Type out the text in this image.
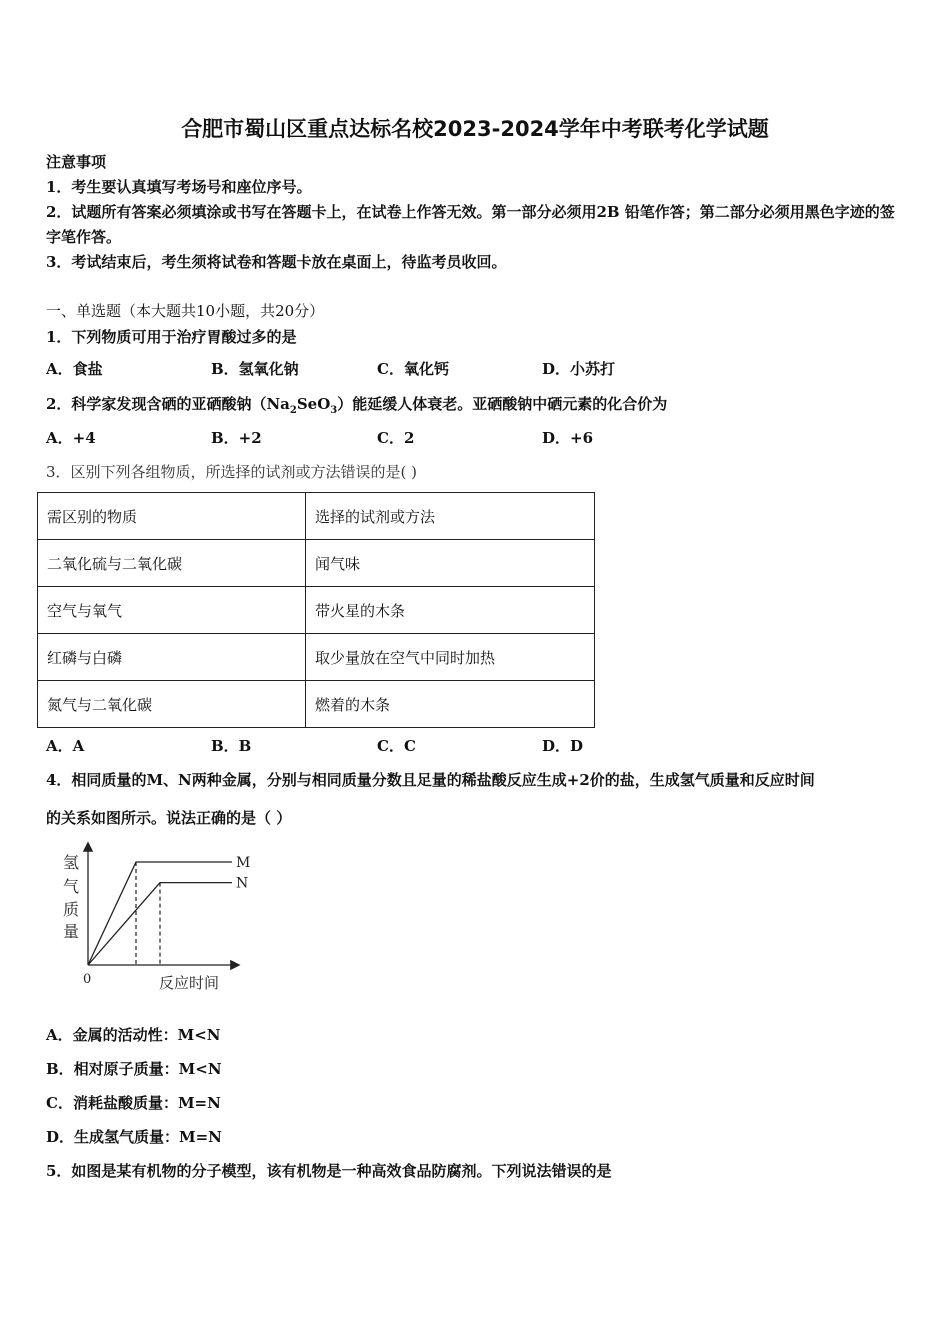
合肥市蜀山区重点达标名校2023-2024学年中考联考化学试题
注意事项
1．考生要认真填写考场号和座位序号。
2．试题所有答案必须填涂或书写在答题卡上，在试卷上作答无效。第一部分必须用2B 铅笔作答；第二部分必须用黑色字迹的签字笔作答。
3．考试结束后，考生须将试卷和答题卡放在桌面上，待监考员收回。
一、单选题（本大题共10小题，共20分）
1．下列物质可用于治疗胃酸过多的是
A．食盐	B．氢氧化钠	C．氧化钙	D．小苏打
2．科学家发现含硒的亚硒酸钠$(Na_2SeO_3)$能延缓人体衰老。亚硒酸钠中硒元素的化合价为
A．+4	B．+2	C．2	D．+6
3．区别下列各组物质，所选择的试剂或方法错误的是( )
需区别的物质	选择的试剂或方法
二氧化硫与二氧化碳	闻气味
空气与氧气	带火星的木条
红磷与白磷	取少量放在空气中同时加热
氮气与二氧化碳	燃着的木条
A．A	B．B	C．C	D．D
4．相同质量的M、N两种金属，分别与相同质量分数且足量的稀盐酸反应生成+2价的盐，生成氢气质量和反应时间
的关系如图所示。说法正确的是（ ）
氢
气
质
量
0	反应时间
M
N
A．金属的活动性：M<N
B．相对原子质量：M<N
C．消耗盐酸质量：M=N
D．生成氢气质量：M=N
5．如图是某有机物的分子模型，该有机物是一种高效食品防腐剂。下列说法错误的是
